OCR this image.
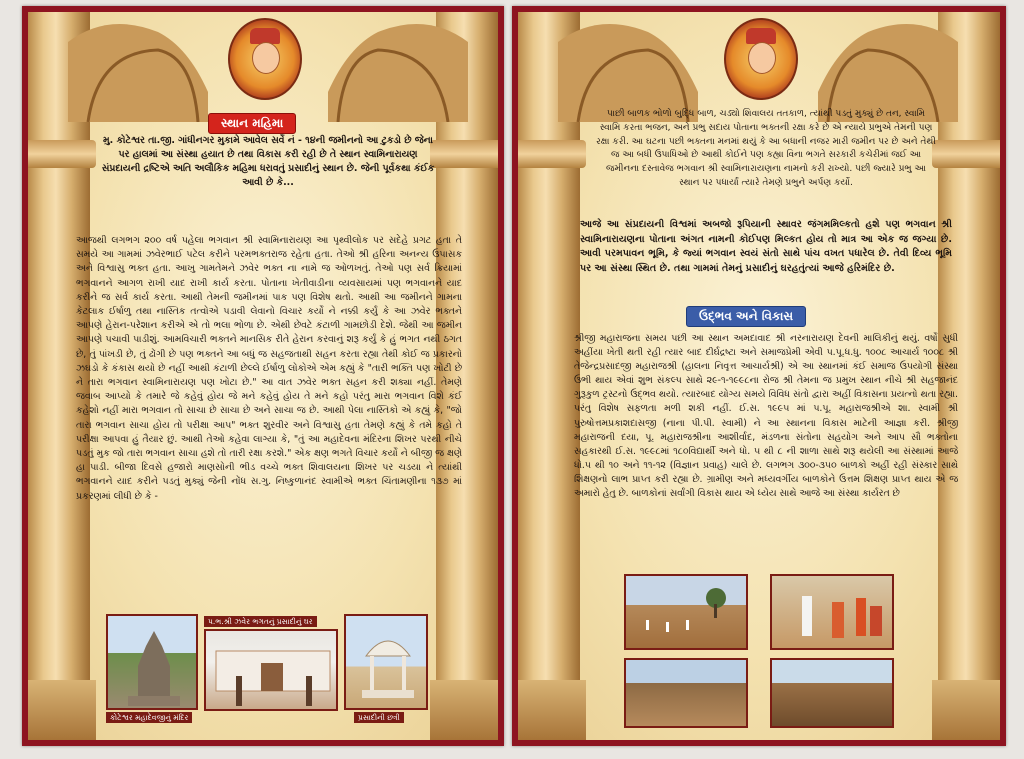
સ્થાન મહિમા

મુ. કોટેશ્વર તા.જી. ગાંધીનગર મુકામે આવેલ સર્વે નં - ૧૪ની જમીનનો આ ટુકડો છે જેના પર હાલમાં આ સંસ્થા હયાત છે તથા વિકાસ કરી રહી છે તે સ્થાન સ્વામિનારાયણ સંપ્રદાયની દ્રષ્ટિએ અતિ અલૌકિક મહિમા ધરાવતું પ્રસાદીનું સ્થાન છે. જેની પૂર્વકથા કંઈક આવી છે કે...

આજથી લગભગ ૨૦૦ વર્ષ પહેલા ભગવાન શ્રી સ્વામિનારાયણ આ પૃથ્વીલોક પર સદેહે પ્રગટ હતા તે સમયે આ ગામમાં ઝવેરભાઈ પટેલ કરીને પરમભક્તરાજ રહેતા હતા. તેઓ શ્રી હરિના અનન્ય ઉપાસક અને વિશ્વાસુ ભક્ત હતા. આખુ ગામતેમને ઝવેર ભક્ત ના નામે જ ઓળખતું. તેઓ પણ સર્વ ક્રિયામાં ભગવાનને આગળ રાખી યાદ રાખી કાર્ય કરતા. પોતાના ખેતીવાડીના વ્યવસાયમાં પણ ભગવાનને યાદ કરીને જ સર્વ કાર્ય કરતા. આથી તેમની જમીનમાં પાક પણ વિશેષ થતો. આથી આ જમીનને ગામના કેટલાક ઈર્ષાળુ તથા નાસ્તિક તત્વોએ પડાવી લેવાનો વિચાર કર્યો ને નક્કી કર્યું કે આ ઝવેર ભક્તને આપણે હેરાન-પરેશાન કરીએ એ તો ભલા ભોળા છે. એથી છેવટે કંટાળી ગામછોડી દેશે. જેથી આ જમીન આપણે પચાવી પાડીશું. આમવિચારી ભક્તને માનસિક રીતે હેરાન કરવાનું શરૂ કર્યું કે હું ભગત નથી ઠગત છે, તું પાંખડી છે, તું ઢોંગી છે પણ ભક્તને આ બધું જ સહજતાથી સહન કરતા રહ્યા તેથી કોઈ જ પ્રકારનો ઝઘડો કે કંકાસ થયો છે નહીં આથી કંટાળી છેલ્લે ઈર્ષાળુ લોકોએ એમ કહ્યું કે "તારી ભક્તિ પણ ખોટી છે ને તારા ભગવાન સ્વામિનારાયણ પણ ખોટા છે." આ વાત ઝવેર ભક્ત સહન કરી શક્યા નહીં. તેમણે જવાબ આપ્યો કે તમારે જે કહેવું હોય જે મને કહેવું હોય તે મને કહો પરંતુ મારા ભગવાન વિશે કંઈ કહેશો નહીં મારા ભગવાન તો સાચા છે સાચા છે અને સાચા જ છે. આથી પેલા નાસ્તિકો એ કહ્યું કે, "જો તારા ભગવાન સાચા હોય તો પરીક્ષા આપ" ભક્ત શુરવીર અને વિશ્વાસુ હતા તેમણે કહ્યું કે તમે કહો તે પરીક્ષા આપવા હું તૈયાર છું. આથી તેઓ કહેવા લાગ્યા કે, "તું આ મહાદેવના મંદિરના શિખર પરથી નીચે પડતું મુક જો તારા ભગવાન સાચા હશે તો તારી રક્ષા કરશે." એક ક્ષણ ભગતે વિચાર કર્યો ને બીજી જ ક્ષણે હા પાડી. બીજા દિવસે હજારો માણસોની ભીડ વચ્ચે ભક્ત શિવાલયના શિખર પર ચડયા ને ત્યાંથી ભગવાનને યાદ કરીને પડતું મુક્યું જેની નોંધ સ.ગુ. નિષ્કુળાનંદ સ્વામીએ ભક્ત ચિંતામણીના ૧૩૭ માં પ્રકરણમાં લીધી છે કે -

કોટેશ્વર મહાદેવજીનું મંદિર
પ.ભ.શ્રી ઝવેર ભગતનું પ્રસાદીનું ઘર
પ્રસાદીની છત્રી

પાછી બાળક ભોળો બુદ્ધિ બાળ, ચડ્યો શિવાલય તતકાળ, ત્યાંથી પડતું મુક્યું છે તન, સ્વામિ સ્વામિ કરતા ભજન, અને પ્રભુ સદાય પોતાના ભક્તની રક્ષા કરે છે એ ન્યાયે પ્રભુએ તેમની પણ રક્ષા કરી. આ ઘટના પછી ભક્તના મનમાં થયું કે આ બધાની નજર મારી જમીન પર છે અને તેથી જ આ બધી ઉપાધિઓ છે આથી કોઈને પણ કહ્યા વિના ભગતે સરકારી કચેરીમાં જઈ આ જમીનના દસ્તાવેજ ભગવાન શ્રી સ્વામિનારાયણના નામનો કરી રાખ્યો. પછી જ્યારે પ્રભુ આ સ્થાન પર પધાર્યાં ત્યારે તેમણે પ્રભુને અર્પણ કર્યો.

આજે આ સંપ્રદાયની વિશ્વમાં અબજો રૂપિયાની સ્થાવર જંગમમિલ્કતો હશે પણ ભગવાન શ્રી સ્વામિનારાયણના પોતાના અંગત નામની કોઈપણ મિલ્કત હોય તો માત્ર આ એક જ જગ્યા છે. આવી પરમપાવન ભૂમિ, કે જ્યાં ભગવાન સ્વયં સંતો સાથે પાંચ વખત પધારેલ છે. તેવી દિવ્ય ભૂમિ પર આ સંસ્થા સ્થિત છે. તથા ગામમાં તેમનું પ્રસાદીનું ઘરહતુંત્યાં આજે હરિમંદિર છે.

ઉદ્ભવ અને વિકાસ

શ્રીજી મહારાજના સમય પછી આ સ્થાન અમદાવાદ શ્રી નરનારાયણ દેવની માલિકીનું થયું. વર્ષો સુધી અહીંયા ખેતી થતી રહી ત્યાર બાદ દીર્ઘદ્રષ્ટા અને સમાજપ્રેમી એવી પ.પૂ.ધ.ધુ. ૧૦૦૮ આચાર્ય ૧૦૦૮ શ્રી તેજેન્દ્રપ્રસાદજી મહારાજશ્રી (હાલના નિવૃત્ત આચાર્યશ્રી) એ આ સ્થાનમાં કંઈ સમાજ ઉપયોગી સંસ્થા ઉભી થાય એવાં શુભ સંકલ્પ સાથે ૨૯-૧-૧૯૯૮ના રોજ શ્રી તેમના જ પ્રમુખ સ્થાન નીચે શ્રી સહજાનંદ ગુરૂકુળ ટ્રસ્ટનો ઉદ્ભવ થયો. ત્યારબાદ યોગ્ય સમયે વિવિધ સંતો દ્વારા અહીં વિકાસના પ્રયત્નો થતા રહ્યા. પરંતુ વિશેષ સફળતા મળી શકી નહીં. ઈ.સ. ૧૯૯૫ માં પ.પૂ. મહારાજશ્રીએ શા. સ્વામી શ્રી પુરુષોત્તમપ્રકાશદાસજી (નાના પી.પી. સ્વામી) ને આ સ્થાનના વિકાસ માટેની આજ્ઞા કરી. શ્રીજી મહારાજની દયા, પૂ. મહારાજશ્રીના આશીર્વાદ, મંડળના સંતોના સહયોગ અને આપ સૌ ભક્તોના સહકારથી ઈ.સ. ૧૯૯૮માં ૧૮૦વિદ્યાર્થી અને ધો. ૫ થી ૮ ની શાળા સાથે શરૂ થયેલી આ સંસ્થામાં આજે ધો.૫ થી ૧૦ અને ૧૧-૧૨ (વિજ્ઞાન પ્રવાહ) ચાલે છે. લગભગ ૩૦૦-૩૫૦ બાળકો અહીં રહી સંસ્કાર સાથે શિક્ષણનો લાભ પ્રાપ્ત કરી રહ્યા છે. ગ્રામીણ અને મધ્યવર્ગીય બાળકોને ઉત્તમ શિક્ષણ પ્રાપ્ત થાય એ જ અમારો હેતુ છે. બાળકોનાં સર્વાંગી વિકાસ થાય એ ધ્યેય સાથે આજે આ સંસ્થા કાર્યરત છે
